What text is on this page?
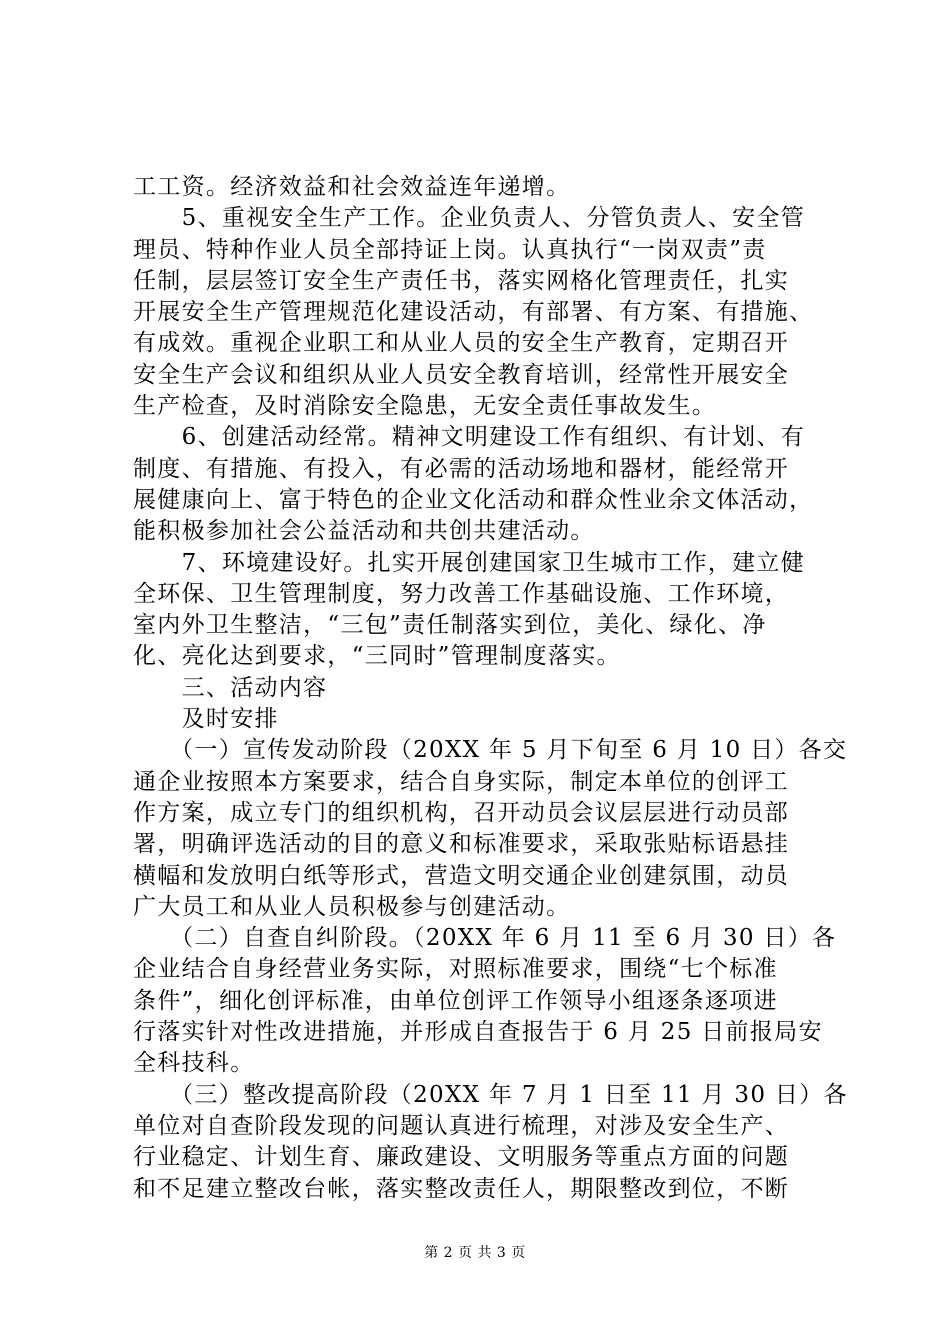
工工资。经济效益和社会效益连年递增。
　　5、重视安全生产工作。企业负责人、分管负责人、安全管
理员、特种作业人员全部持证上岗。认真执行“一岗双责”责
任制，层层签订安全生产责任书，落实网格化管理责任，扎实
开展安全生产管理规范化建设活动，有部署、有方案、有措施、
有成效。重视企业职工和从业人员的安全生产教育，定期召开
安全生产会议和组织从业人员安全教育培训，经常性开展安全
生产检查，及时消除安全隐患，无安全责任事故发生。
　　6、创建活动经常。精神文明建设工作有组织、有计划、有
制度、有措施、有投入，有必需的活动场地和器材，能经常开
展健康向上、富于特色的企业文化活动和群众性业余文体活动，
能积极参加社会公益活动和共创共建活动。
　　7、环境建设好。扎实开展创建国家卫生城市工作，建立健
全环保、卫生管理制度，努力改善工作基础设施、工作环境，
室内外卫生整洁，“三包”责任制落实到位，美化、绿化、净
化、亮化达到要求，“三同时”管理制度落实。
　　三、活动内容
　　及时安排
　　（一）宣传发动阶段（20XX 年 5 月下旬至 6 月 10 日）各交
通企业按照本方案要求，结合自身实际，制定本单位的创评工
作方案，成立专门的组织机构，召开动员会议层层进行动员部
署，明确评选活动的目的意义和标准要求，采取张贴标语悬挂
横幅和发放明白纸等形式，营造文明交通企业创建氛围，动员
广大员工和从业人员积极参与创建活动。
　　（二）自查自纠阶段。（20XX 年 6 月 11 至 6 月 30 日）各
企业结合自身经营业务实际，对照标准要求，围绕“七个标准
条件”，细化创评标准，由单位创评工作领导小组逐条逐项进
行落实针对性改进措施，并形成自查报告于 6 月 25 日前报局安
全科技科。
　　（三）整改提高阶段（20XX 年 7 月 1 日至 11 月 30 日）各
单位对自查阶段发现的问题认真进行梳理，对涉及安全生产、
行业稳定、计划生育、廉政建设、文明服务等重点方面的问题
和不足建立整改台帐，落实整改责任人，期限整改到位，不断
第 2 页 共 3 页
